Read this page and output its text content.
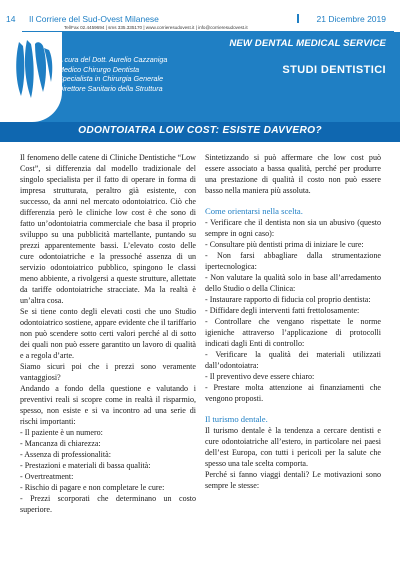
14 Il Corriere del Sud-Ovest Milanese
Tel/Fax 02.4459694 | sms 335.335170 | www.corrieresudovest.it | info@corrieresudovest.it
21 Dicembre 2019
A cura del Dott. Aurelio Cazzaniga
Medico Chirurgo Dentista
Specialista in Chirurgia Generale
Direttore Sanitario della Struttura
NEW DENTAL MEDICAL SERVICE
STUDI DENTISTICI
ODONTOIATRA LOW COST: ESISTE DAVVERO?

Il fenomeno delle catene di Cliniche Dentistiche “Low Cost”, si differenzia dal modello tradizionale del singolo specialista per il fatto di operare in forma di impresa strutturata, peraltro già esistente, con successo, da anni nel mercato odontoiatrico. Ciò che differenzia però le cliniche low cost è che sono di fatto un’odontoiatria commerciale che basa il proprio sviluppo su una pubblicità martellante, puntando su prezzi apparentemente bassi. L’elevato costo delle cure odontoiatriche e la pressoché assenza di un servizio odontoiatrico pubblico, spingono le classi meno abbiente, a rivolgersi a queste strutture, allettate da tariffe odontoiatriche stracciate. Ma la realtà è un’altra cosa.

Se si tiene conto degli elevati costi che uno Studio odontoiatrico sostiene, appare evidente che il tariffario non può scendere sotto certi valori perché al di sotto dei quali non può essere garantito un lavoro di qualità e a regola d’arte.

Siamo sicuri poi che i prezzi sono veramente vantaggiosi?

Andando a fondo della questione e valutando i preventivi reali si scopre come in realtà il risparmio, spesso, non esiste e si va incontro ad una serie di rischi importanti:

- Il paziente è un numero:

- Mancanza di chiarezza:

- Assenza di professionalità:

- Prestazioni e materiali di bassa qualità:

- Overtreatment:

- Rischio di pagare e non completare le cure:

- Prezzi scorporati che determinano un costo superiore.

Sintetizzando si può affermare che low cost può essere associato a bassa qualità, perché per produrre una prestazione di qualità il costo non può essere basso nella maniera più assoluta.

Come orientarsi nella scelta.

- Verificare che il dentista non sia un abusivo (questo sempre in ogni caso):

- Consultare più dentisti prima di iniziare le cure:

- Non farsi abbagliare dalla strumentazione ipertecnologica:

- Non valutare la qualità solo in base all’arredamento dello Studio o della Clinica:

- Instaurare rapporto di fiducia col proprio dentista:

- Diffidare degli interventi fatti frettolosamente:

- Controllare che vengano rispettate le norme igieniche attraverso l’applicazione di protocolli indicati dagli Enti di controllo:

- Verificare la qualità dei materiali utilizzati dall’odontoiatra:

- Il preventivo deve essere chiaro:

- Prestare molta attenzione ai finanziamenti che vengono proposti.

Il turismo dentale.

Il turismo dentale è la tendenza a cercare dentisti e cure odontoiatriche all’estero, in particolare nei paesi dell’est Europa, con tutti i pericoli per la salute che spesso una tale scelta comporta.

Perché si fanno viaggi dentali? Le motivazioni sono sempre le stesse:
